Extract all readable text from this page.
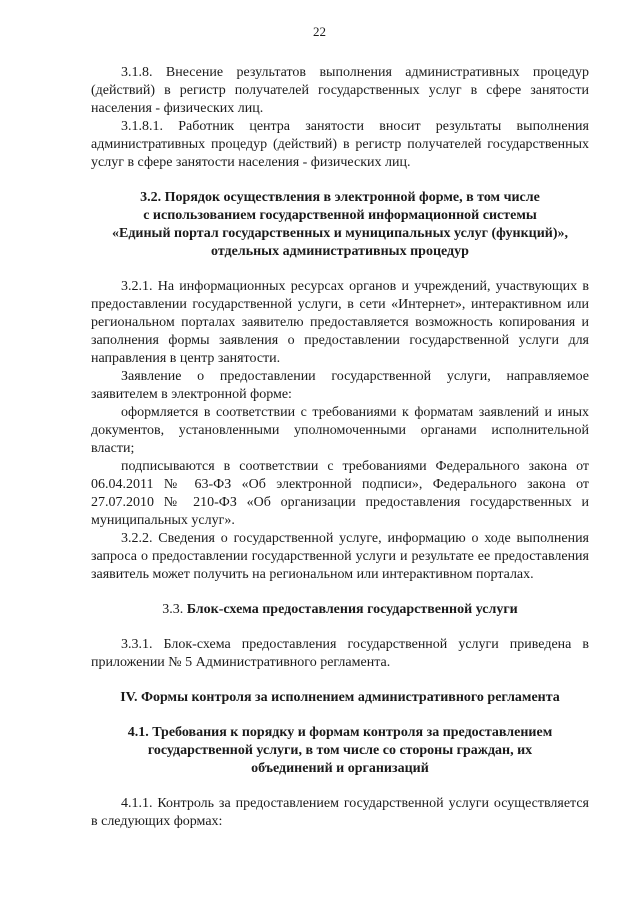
22

3.1.8. Внесение результатов выполнения административных процедур (действий) в регистр получателей государственных услуг в сфере занятости населения - физических лиц.

3.1.8.1. Работник центра занятости вносит результаты выполнения административных процедур (действий) в регистр получателей государственных услуг в сфере занятости населения - физических лиц.

3.2. Порядок осуществления в электронной форме, в том числе
с использованием государственной информационной системы
«Единый портал государственных и муниципальных услуг (функций)»,
отдельных административных процедур

3.2.1. На информационных ресурсах органов и учреждений, участвующих в предоставлении государственной услуги, в сети «Интернет», интерактивном или региональном порталах заявителю предоставляется возможность копирования и заполнения формы заявления о предоставлении государственной услуги для направления в центр занятости.

Заявление о предоставлении государственной услуги, направляемое заявителем в электронной форме:

оформляется в соответствии с требованиями к форматам заявлений и иных документов, установленными уполномоченными органами исполнительной власти;

подписываются в соответствии с требованиями Федерального закона от 06.04.2011 № 63-ФЗ «Об электронной подписи», Федерального закона от 27.07.2010 № 210-ФЗ «Об организации предоставления государственных и муниципальных услуг».

3.2.2. Сведения о государственной услуге, информацию о ходе выполнения запроса о предоставлении государственной услуги и результате ее предоставления заявитель может получить на региональном или интерактивном порталах.

3.3. Блок-схема предоставления государственной услуги

3.3.1. Блок-схема предоставления государственной услуги приведена в приложении № 5 Административного регламента.

IV. Формы контроля за исполнением административного регламента
4.1. Требования к порядку и формам контроля за предоставлением
государственной услуги, в том числе со стороны граждан, их
объединений и организаций

4.1.1. Контроль за предоставлением государственной услуги осуществляется в следующих формах:
